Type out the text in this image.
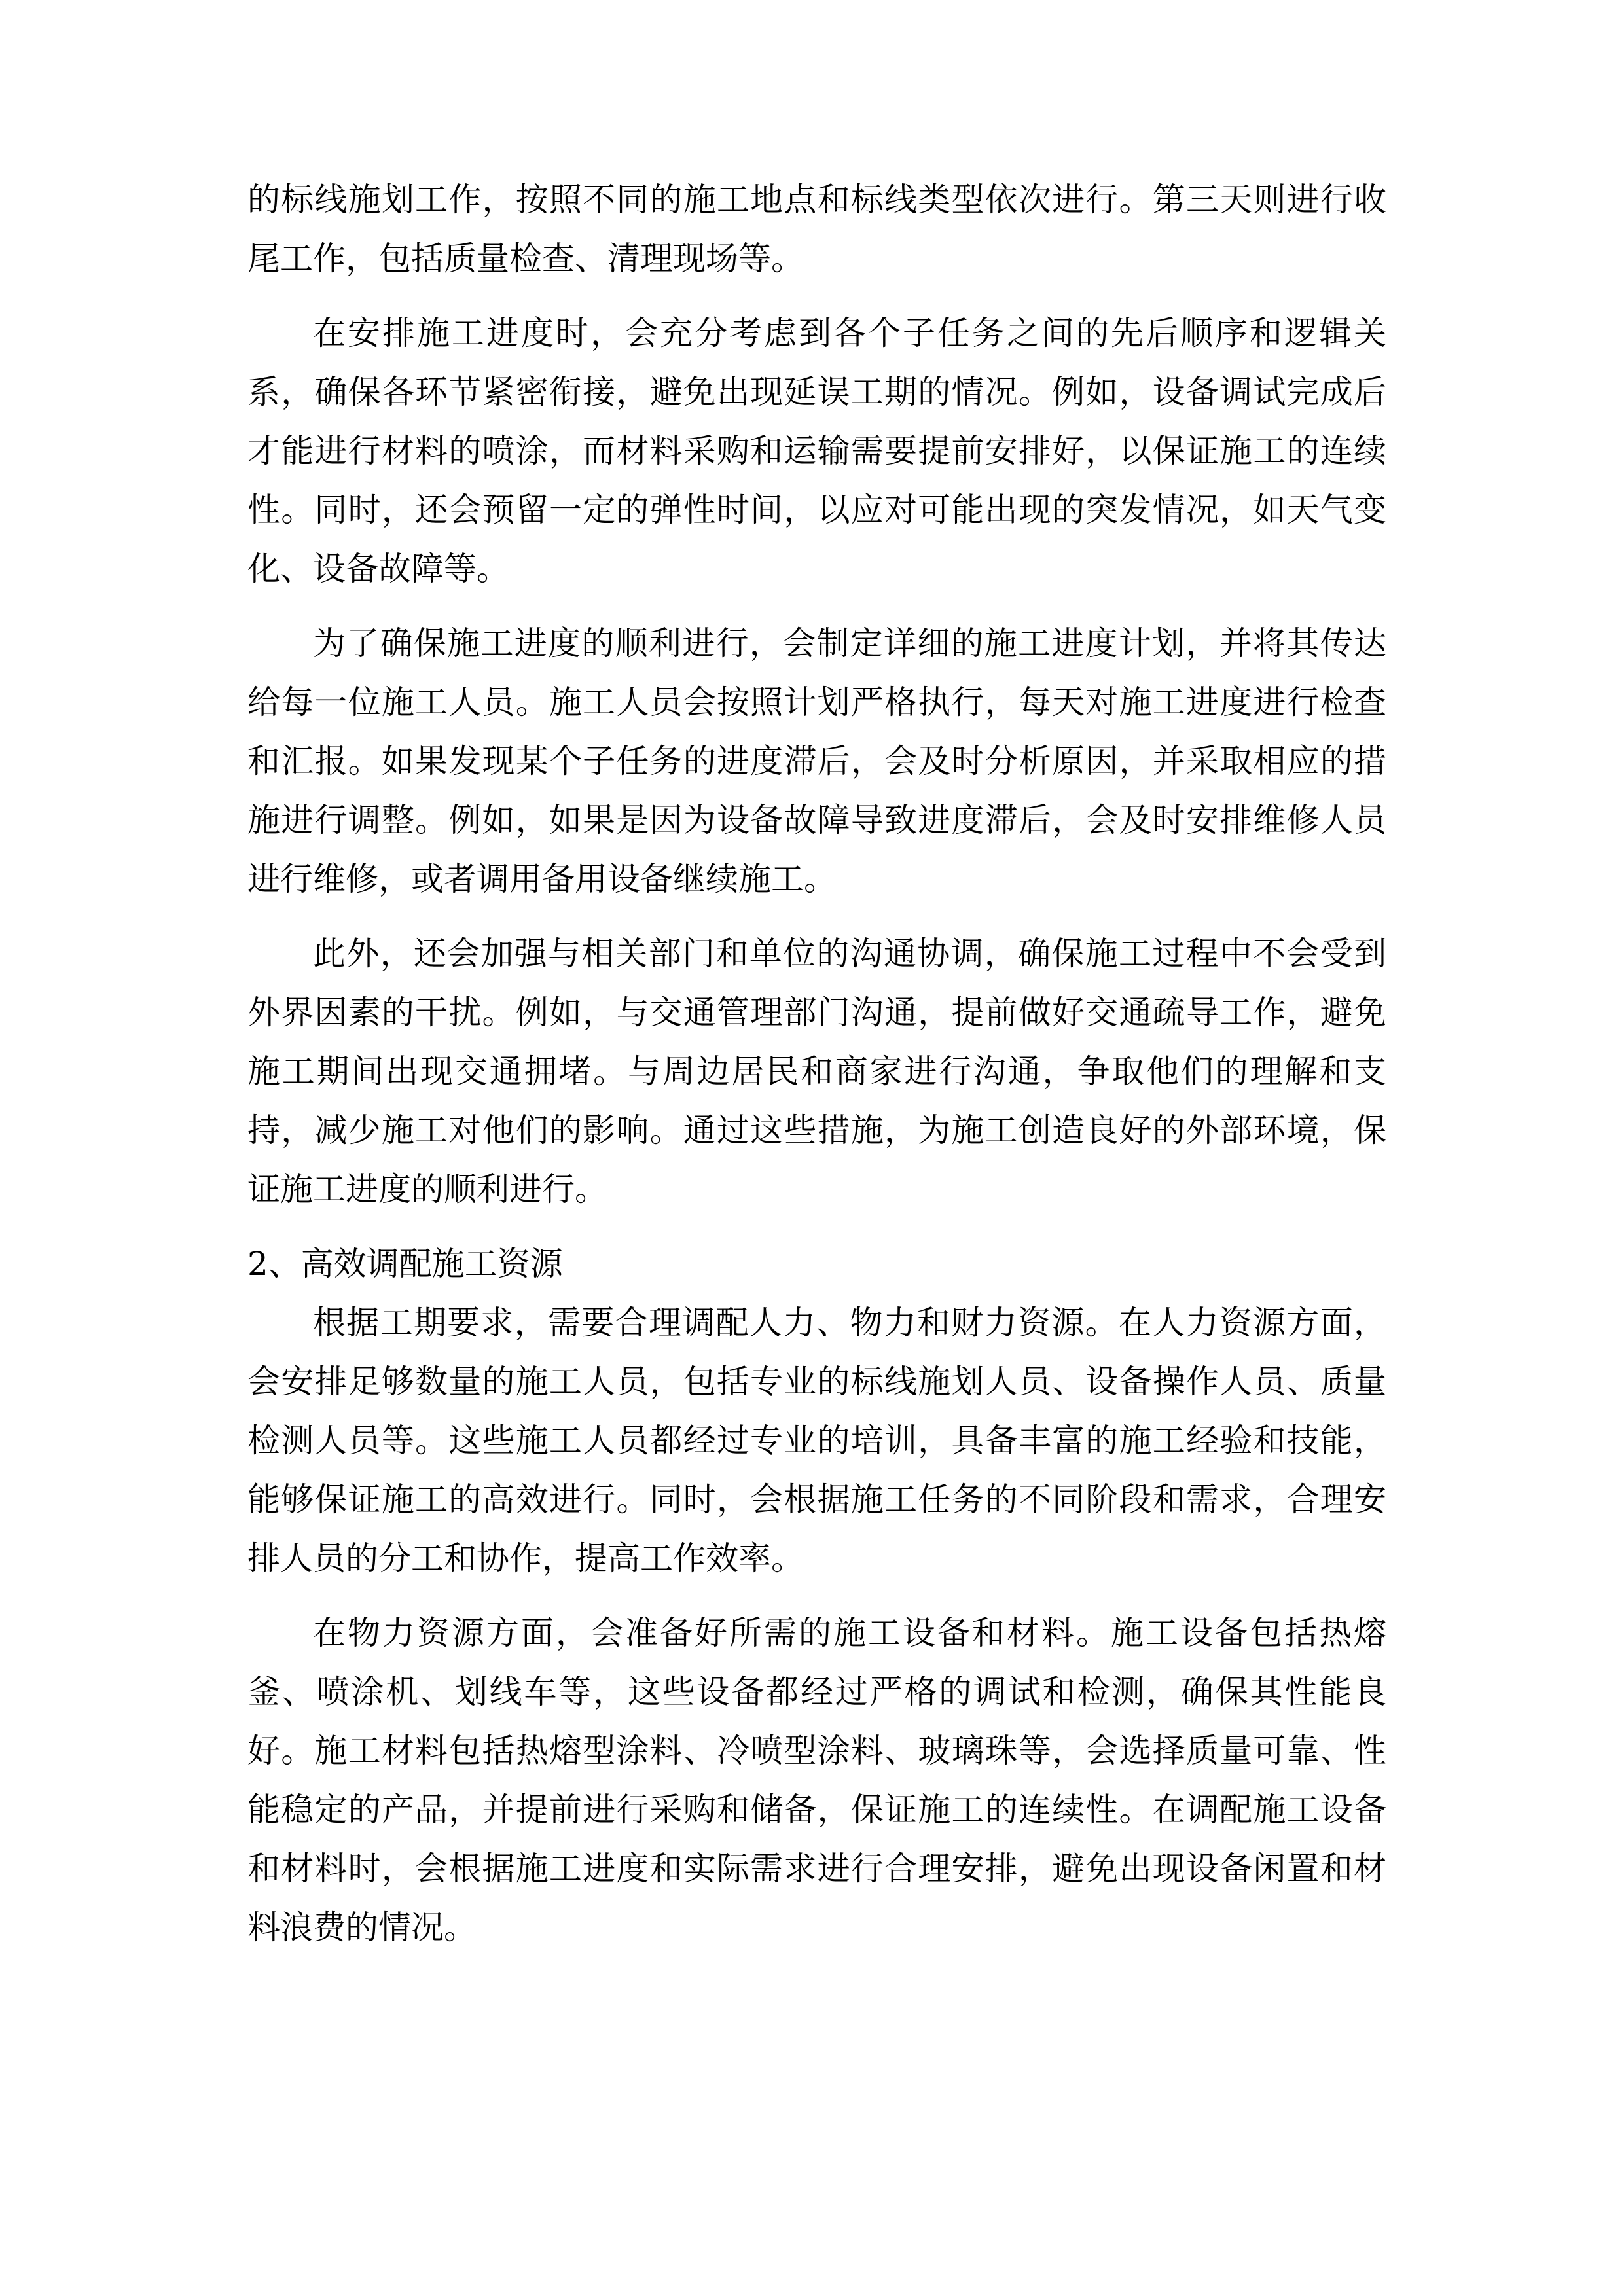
的标线施划工作，按照不同的施工地点和标线类型依次进行。第三天则进行收尾工作，包括质量检查、清理现场等。

在安排施工进度时，会充分考虑到各个子任务之间的先后顺序和逻辑关系，确保各环节紧密衔接，避免出现延误工期的情况。例如，设备调试完成后才能进行材料的喷涂，而材料采购和运输需要提前安排好，以保证施工的连续性。同时，还会预留一定的弹性时间，以应对可能出现的突发情况，如天气变化、设备故障等。

为了确保施工进度的顺利进行，会制定详细的施工进度计划，并将其传达给每一位施工人员。施工人员会按照计划严格执行，每天对施工进度进行检查和汇报。如果发现某个子任务的进度滞后，会及时分析原因，并采取相应的措施进行调整。例如，如果是因为设备故障导致进度滞后，会及时安排维修人员进行维修，或者调用备用设备继续施工。

此外，还会加强与相关部门和单位的沟通协调，确保施工过程中不会受到外界因素的干扰。例如，与交通管理部门沟通，提前做好交通疏导工作，避免施工期间出现交通拥堵。与周边居民和商家进行沟通，争取他们的理解和支持，减少施工对他们的影响。通过这些措施，为施工创造良好的外部环境，保证施工进度的顺利进行。

2、高效调配施工资源

根据工期要求，需要合理调配人力、物力和财力资源。在人力资源方面，会安排足够数量的施工人员，包括专业的标线施划人员、设备操作人员、质量检测人员等。这些施工人员都经过专业的培训，具备丰富的施工经验和技能，能够保证施工的高效进行。同时，会根据施工任务的不同阶段和需求，合理安排人员的分工和协作，提高工作效率。

在物力资源方面，会准备好所需的施工设备和材料。施工设备包括热熔釜、喷涂机、划线车等，这些设备都经过严格的调试和检测，确保其性能良好。施工材料包括热熔型涂料、冷喷型涂料、玻璃珠等，会选择质量可靠、性能稳定的产品，并提前进行采购和储备，保证施工的连续性。在调配施工设备和材料时，会根据施工进度和实际需求进行合理安排，避免出现设备闲置和材料浪费的情况。
